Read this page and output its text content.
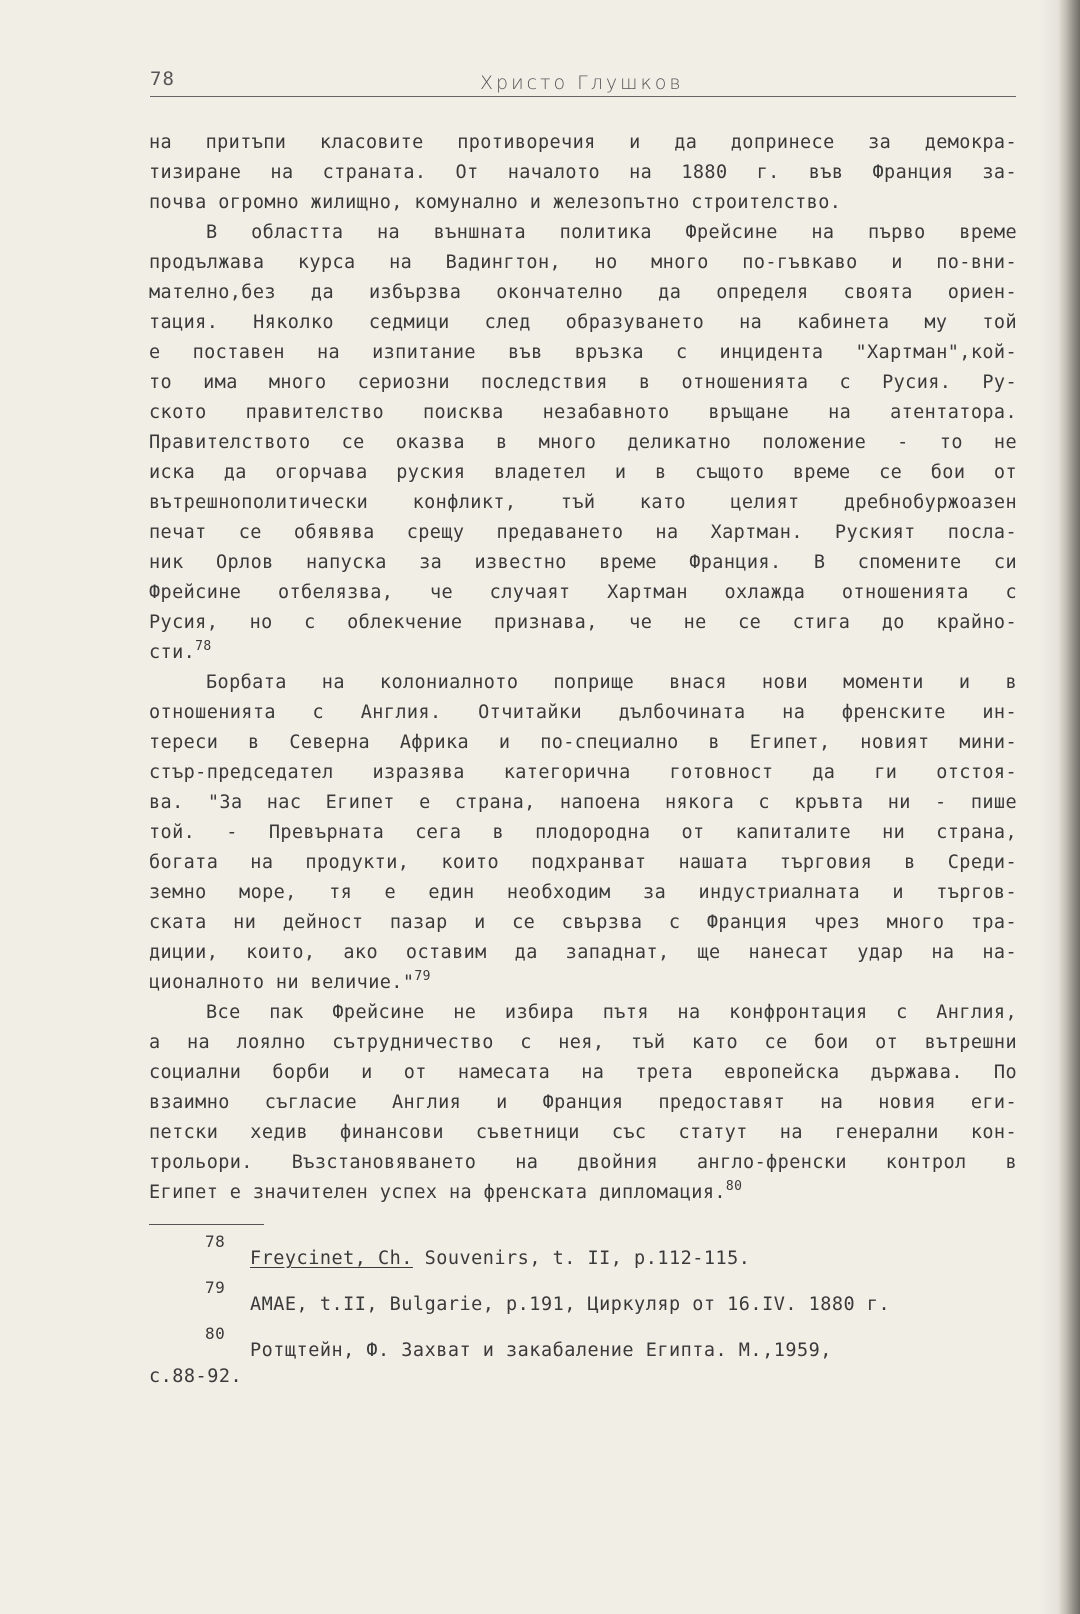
78	Христо Глушков

на притъпи класовите противоречия и да допринесе за демокра-
тизиране на страната. От началото на 1880 г. във Франция за-
почва огромно жилищно, комунално и железопътно строителство.

В областта на външната политика Фрейсине на първо време
продължава курса на Вадингтон, но много по-гъвкаво и по-вни-
мателно,без да избързва окончателно да определя своята ориен-
тация. Няколко седмици след образуването на кабинета му той
е поставен на изпитание във връзка с инцидента "Хартман",кой-
то има много сериозни последствия в отношенията с Русия. Ру-
ското правителство поисква незабавното връщане на атентатора.
Правителството се оказва в много деликатно положение - то не
иска да огорчава руския владетел и в същото време се бои от
вътрешнополитически конфликт, тъй като целият дребнобуржоазен
печат се обявява срещу предаването на Хартман. Руският посла-
ник Орлов напуска за известно време Франция. В спомените си
Фрейсине отбелязва, че случаят Хартман охлажда отношенията с
Русия, но с облекчение признава, че не се стига до крайно-
сти.$^{78}$

Борбата на колониалното поприще внася нови моменти и в
отношенията с Англия. Отчитайки дълбочината на френските ин-
тереси в Северна Африка и по-специално в Египет, новият мини-
стър-председател изразява категорична готовност да ги отстоя-
ва. "За нас Египет е страна, напоена някога с кръвта ни - пише
той. - Превърната сега в плодородна от капиталите ни страна,
богата на продукти, които подхранват нашата търговия в Среди-
земно море, тя е един необходим за индустриалната и търгов-
ската ни дейност пазар и се свързва с Франция чрез много тра-
диции, които, ако оставим да западнат, ще нанесат удар на на-
ционалното ни величие."$^{79}$

Все пак Фрейсине не избира пътя на конфронтация с Англия,
а на лоялно сътрудничество с нея, тъй като се бои от вътрешни
социални борби и от намесата на трета европейска държава. По
взаимно съгласие Англия и Франция предоставят на новия еги-
петски хедив финансови съветници със статут на генерални кон-
трольори. Възстановяването на двойния англо-френски контрол в
Египет е значителен успех на френската дипломация.$^{80}$

78
Freycinet, Ch. Souvenirs, t. II, p.112-115.
79
AMAE, t.II, Bulgarie, p.191, Циркуляр от 16.IV. 1880 г.
80
Ротщтейн, Ф. Захват и закабаление Египта. М.,1959,
с.88-92.
